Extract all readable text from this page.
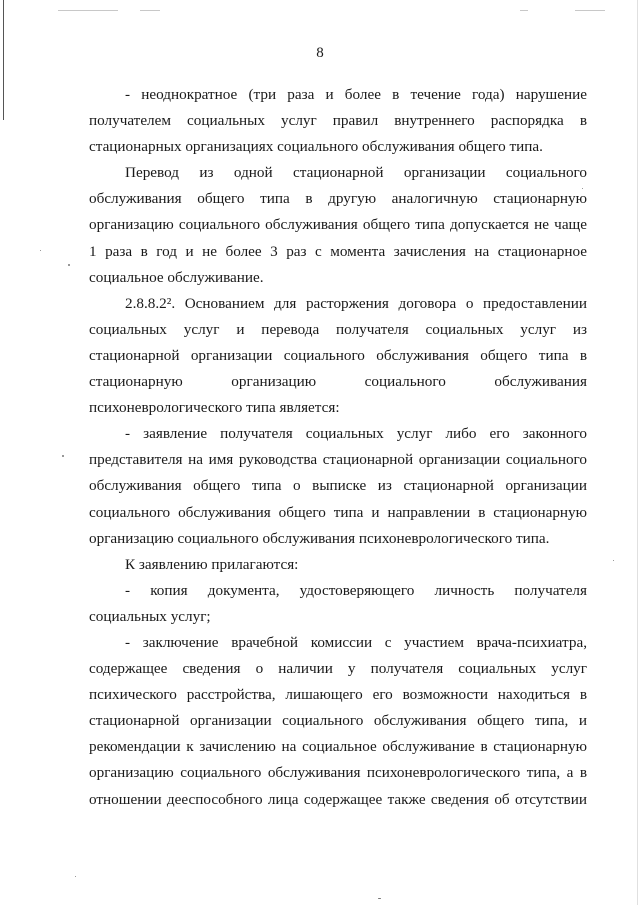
8
- неоднократное (три раза и более в течение года) нарушение
получателем социальных услуг правил внутреннего распорядка в
стационарных организациях социального обслуживания общего типа.
Перевод из одной стационарной организации социального
обслуживания общего типа в другую аналогичную стационарную
организацию социального обслуживания общего типа допускается не чаще
1 раза в год и не более 3 раз с момента зачисления на стационарное
социальное обслуживание.
2.8.8.2². Основанием для расторжения договора о предоставлении
социальных услуг и перевода получателя социальных услуг из
стационарной организации социального обслуживания общего типа в
стационарную организацию социального обслуживания
психоневрологического типа является:
- заявление получателя социальных услуг либо его законного
представителя на имя руководства стационарной организации социального
обслуживания общего типа о выписке из стационарной организации
социального обслуживания общего типа и направлении в стационарную
организацию социального обслуживания психоневрологического типа.
К заявлению прилагаются:
- копия документа, удостоверяющего личность получателя
социальных услуг;
- заключение врачебной комиссии с участием врача-психиатра,
содержащее сведения о наличии у получателя социальных услуг
психического расстройства, лишающего его возможности находиться в
стационарной организации социального обслуживания общего типа, и
рекомендации к зачислению на социальное обслуживание в стационарную
организацию социального обслуживания психоневрологического типа, а в
отношении дееспособного лица содержащее также сведения об отсутствии
